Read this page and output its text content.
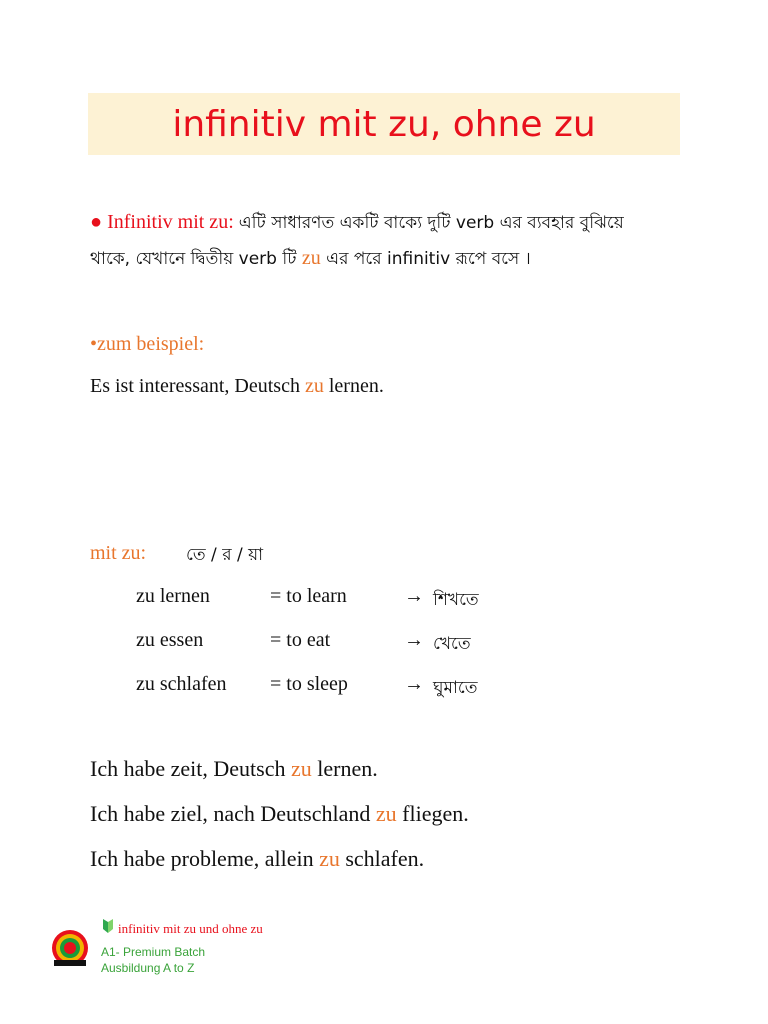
infinitiv mit zu, ohne zu
● Infinitiv mit zu: এটি সাধারণত একটি বাক্যে দুটি verb এর ব্যবহার বুঝিয়ে
থাকে, যেখানে দ্বিতীয় verb টি zu এর পরে infinitiv রূপে বসে ।
•zum beispiel:
Es ist interessant, Deutsch zu lernen.
mit zu: তে / র / য়া
zu lernen	= to learn	→ শিখতে
zu essen	= to eat	→ খেতে
zu schlafen = to sleep	→ ঘুমাতে
Ich habe zeit, Deutsch zu lernen.
Ich habe ziel, nach Deutschland zu fliegen.
Ich habe probleme, allein zu schlafen.
infinitiv mit zu und ohne zu
A1- Premium Batch
Ausbildung A to Z
